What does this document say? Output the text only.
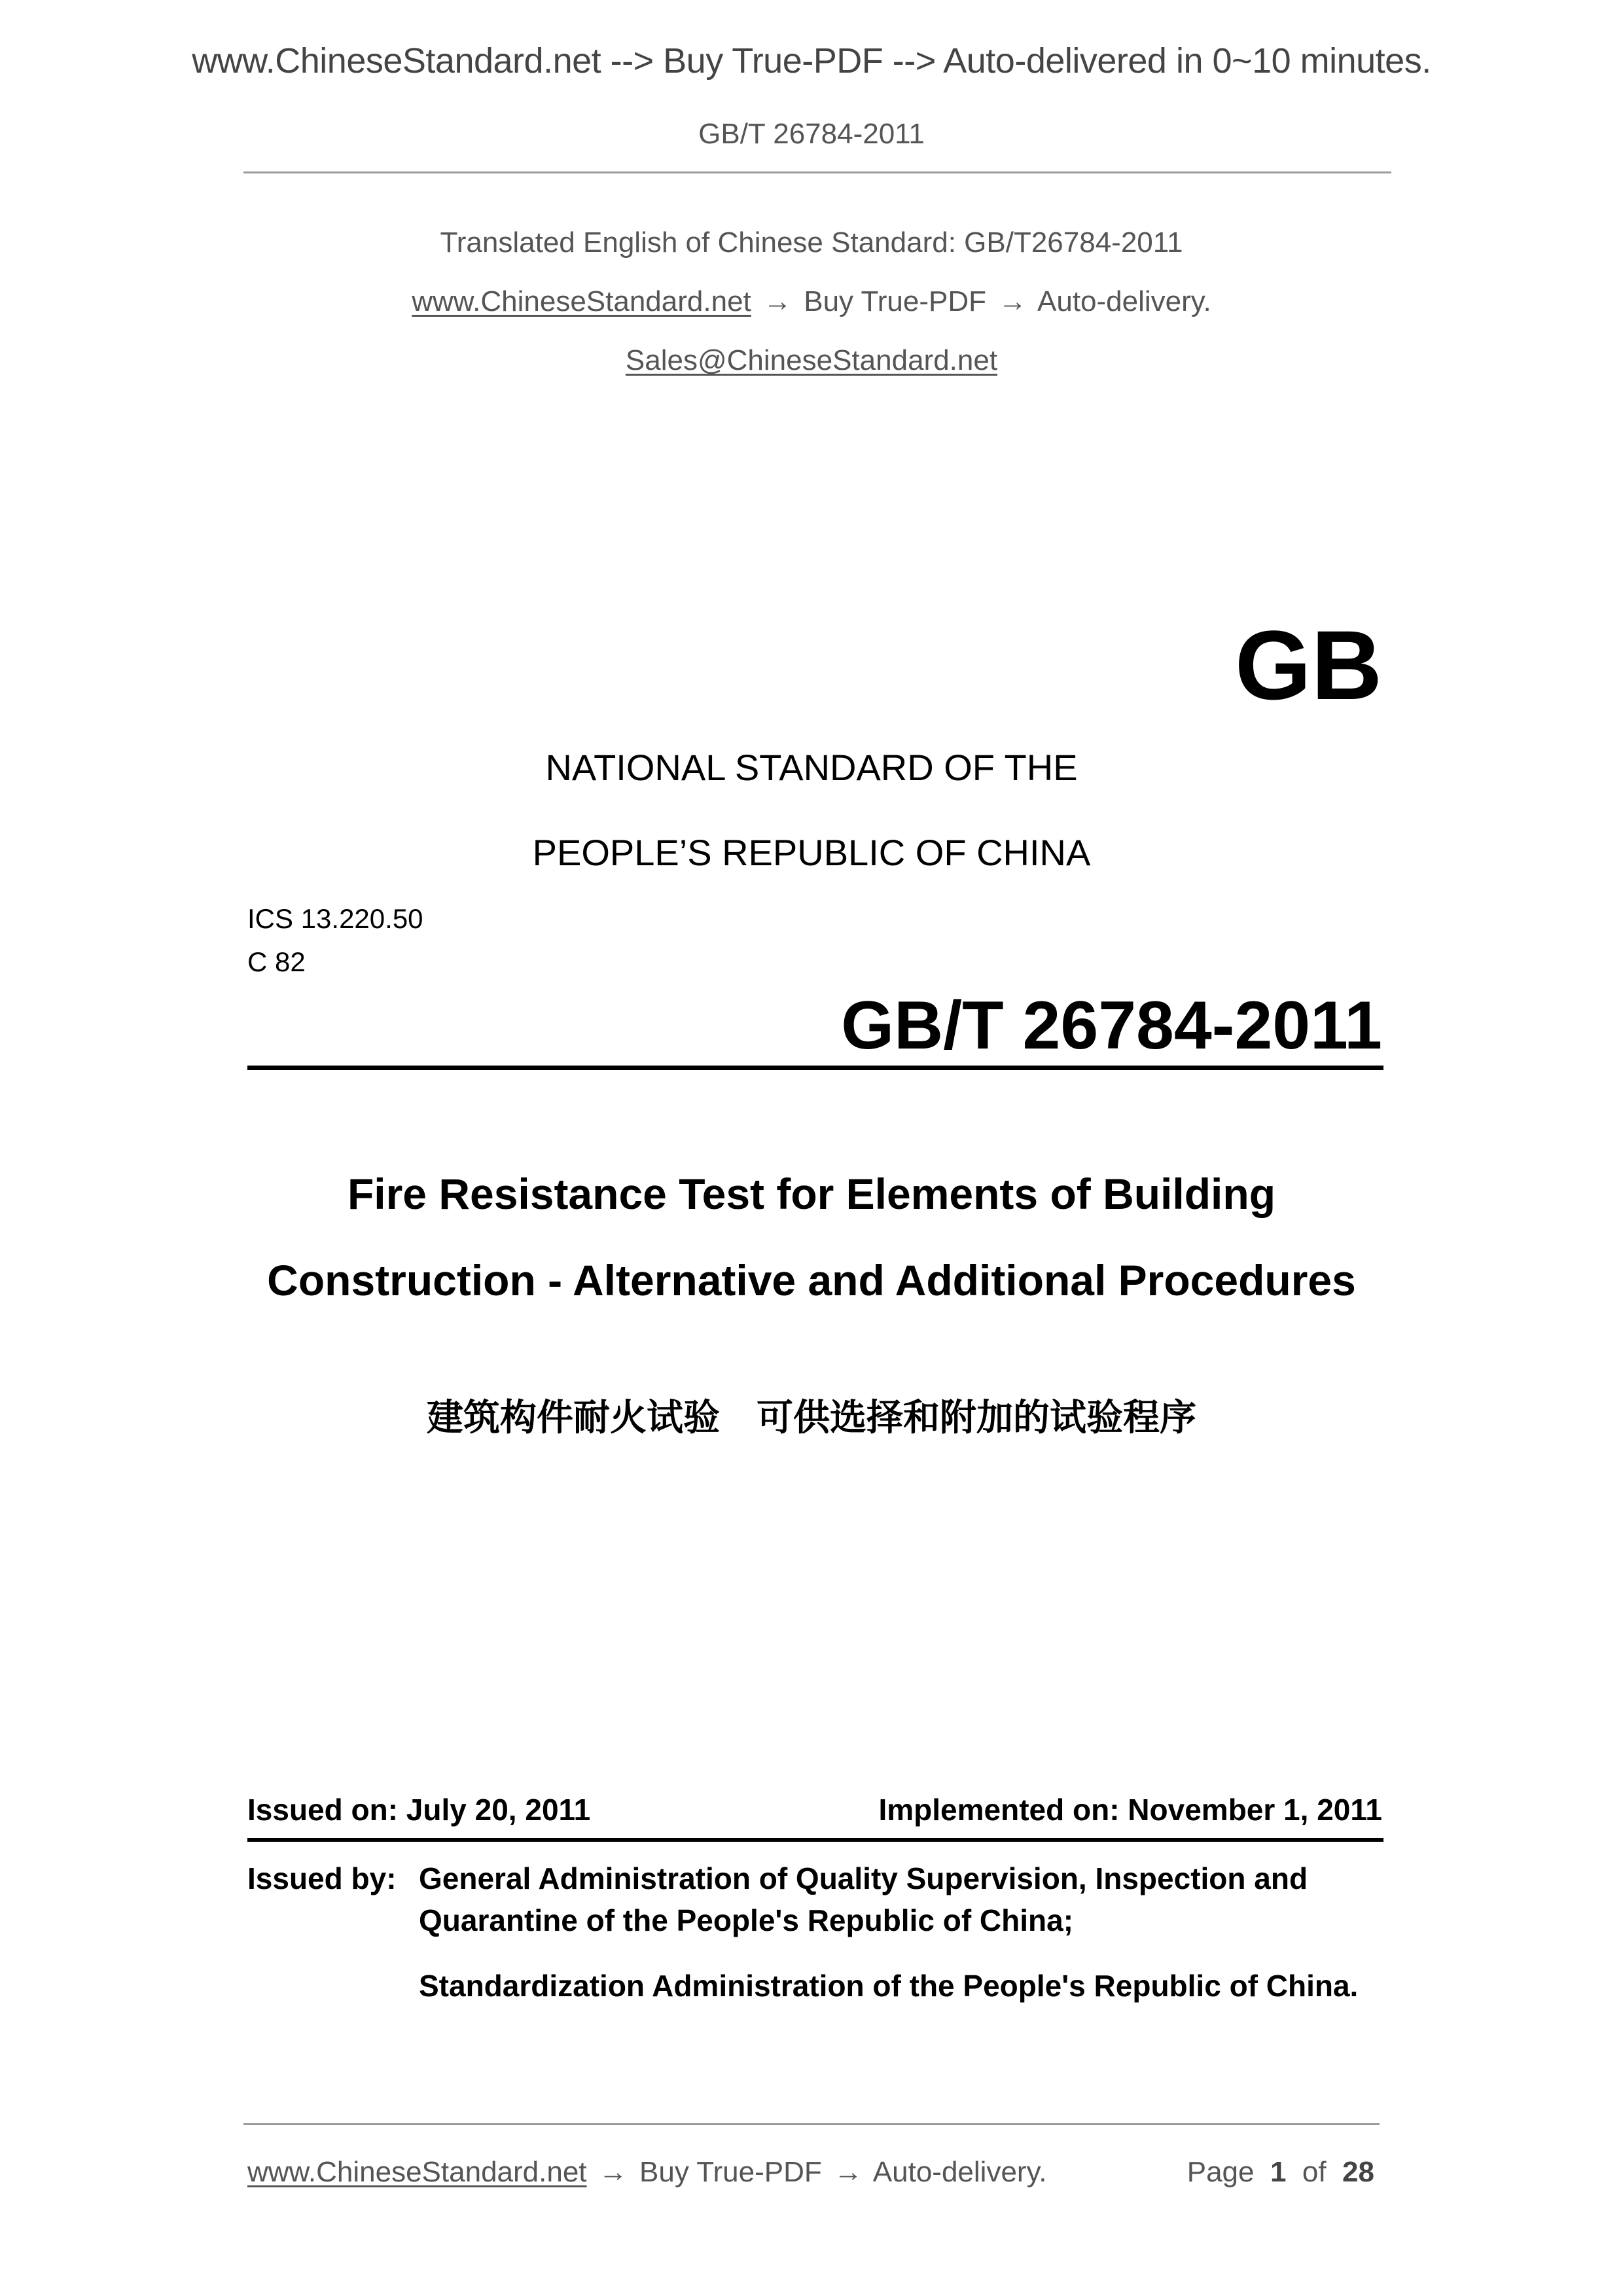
www.ChineseStandard.net --> Buy True-PDF --> Auto-delivered in 0~10 minutes.
GB/T 26784-2011
Translated English of Chinese Standard: GB/T26784-2011
www.ChineseStandard.net → Buy True-PDF → Auto-delivery.
Sales@ChineseStandard.net
GB
NATIONAL STANDARD OF THE
PEOPLE’S REPUBLIC OF CHINA
ICS 13.220.50
C 82
GB/T 26784-2011
Fire Resistance Test for Elements of Building
Construction - Alternative and Additional Procedures
建筑构件耐火试验　可供选择和附加的试验程序
Issued on: July 20, 2011	Implemented on: November 1, 2011
Issued by: General Administration of Quality Supervision, Inspection and Quarantine of the People's Republic of China;
Standardization Administration of the People's Republic of China.
www.ChineseStandard.net → Buy True-PDF → Auto-delivery.	Page 1 of 28
